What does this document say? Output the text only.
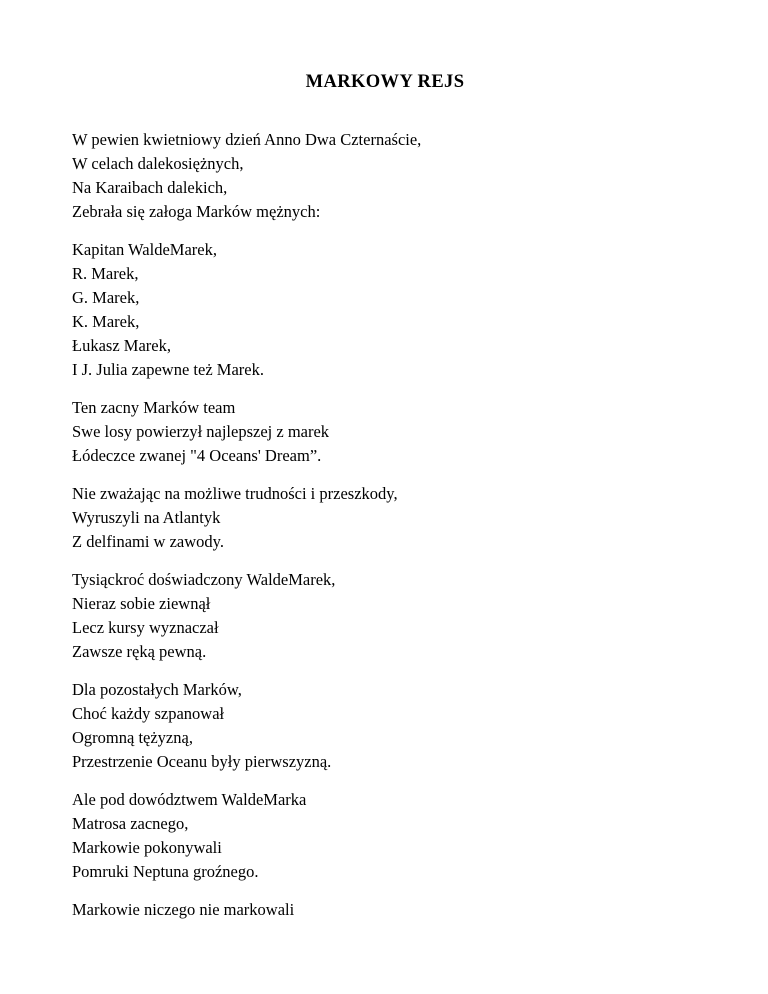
MARKOWY REJS
W pewien kwietniowy dzień Anno Dwa Czternaście,
W celach dalekosiężnych,
Na Karaibach dalekich,
Zebrała się załoga Marków mężnych:
Kapitan WaldeMarek,
R. Marek,
G. Marek,
K. Marek,
Łukasz Marek,
I J. Julia zapewne też Marek.
Ten zacny Marków team
Swe losy powierzył najlepszej z marek
Łódeczce zwanej "4 Oceans' Dream”.
Nie zważając na możliwe trudności i przeszkody,
Wyruszyli na Atlantyk
Z delfinami w zawody.
Tysiąckroć doświadczony WaldeMarek,
Nieraz sobie ziewnął
Lecz kursy wyznaczał
Zawsze ręką pewną.
Dla pozostałych Marków,
Choć każdy szpanował
Ogromną tężyzną,
Przestrzenie Oceanu były pierwszyzną.
Ale pod dowództwem WaldeMarka
Matrosa zacnego,
Markowie pokonywali
Pomruki Neptuna groźnego.
Markowie niczego nie markowali
